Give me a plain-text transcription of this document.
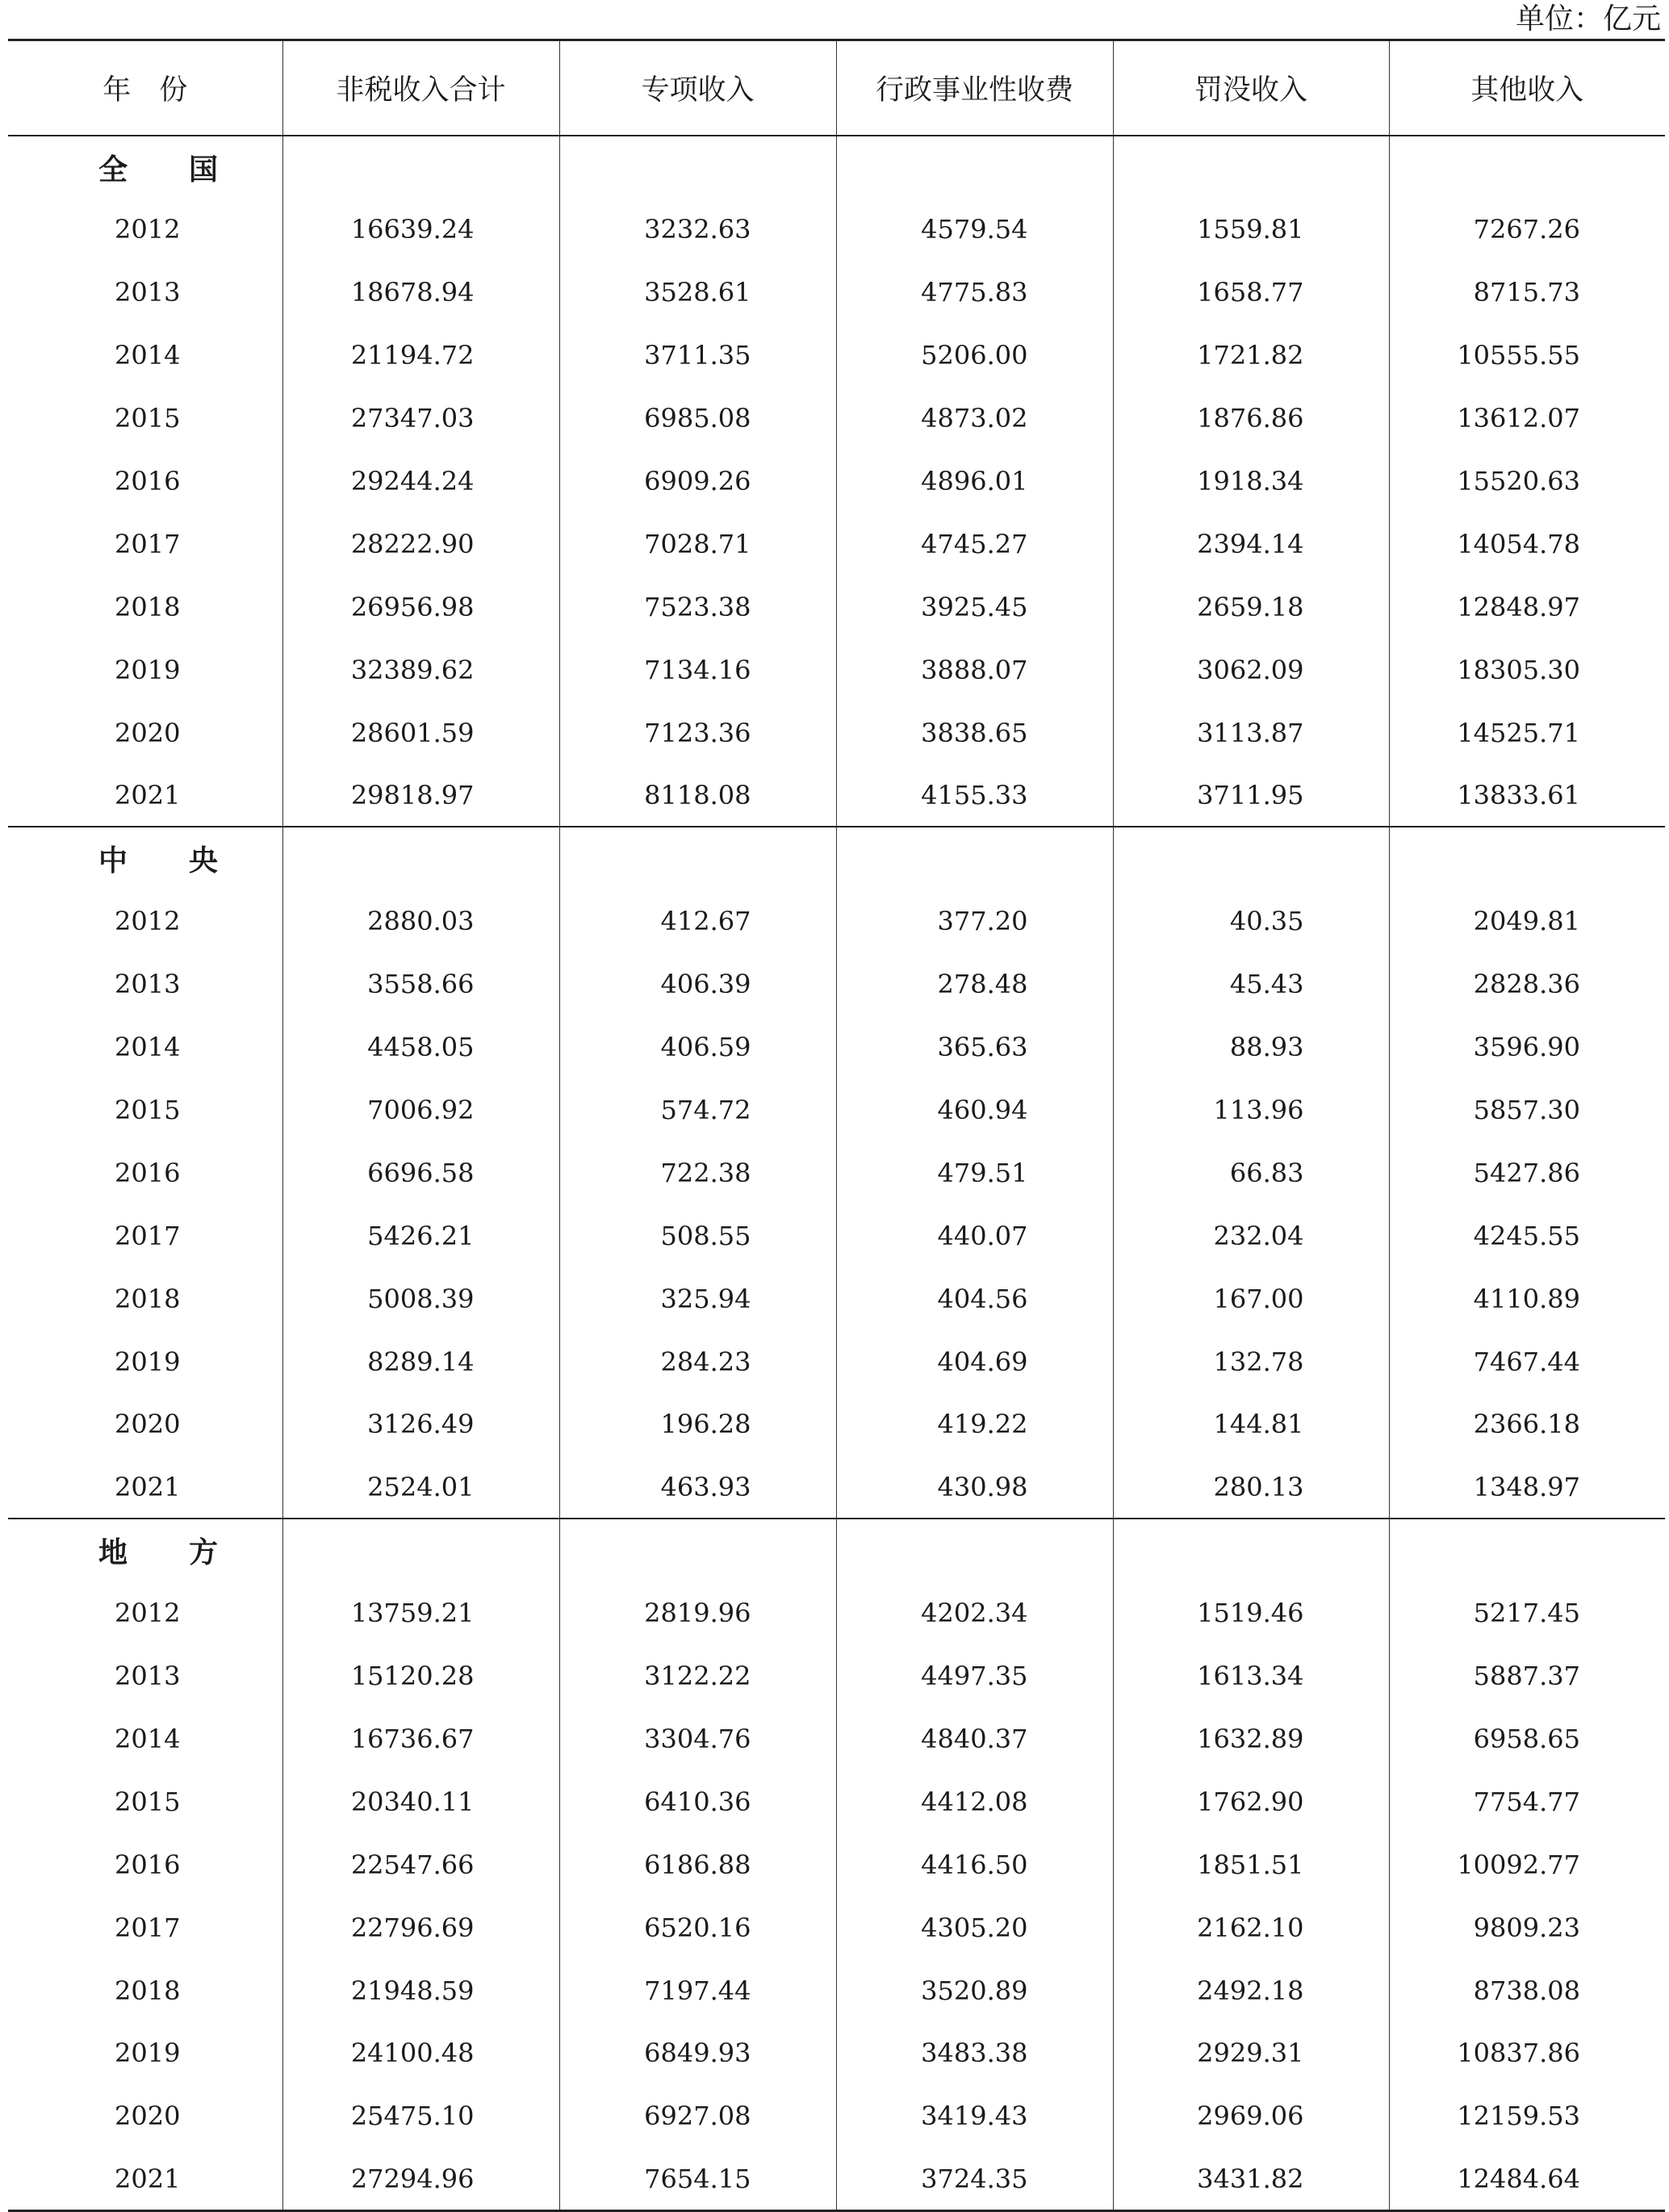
单位：亿元
年　份	非税收入合计	专项收入	行政事业性收费	罚没收入	其他收入
全　国					
2012	16639.24	3232.63	4579.54	1559.81	7267.26
2013	18678.94	3528.61	4775.83	1658.77	8715.73
2014	21194.72	3711.35	5206.00	1721.82	10555.55
2015	27347.03	6985.08	4873.02	1876.86	13612.07
2016	29244.24	6909.26	4896.01	1918.34	15520.63
2017	28222.90	7028.71	4745.27	2394.14	14054.78
2018	26956.98	7523.38	3925.45	2659.18	12848.97
2019	32389.62	7134.16	3888.07	3062.09	18305.30
2020	28601.59	7123.36	3838.65	3113.87	14525.71
2021	29818.97	8118.08	4155.33	3711.95	13833.61
中　央					
2012	2880.03	412.67	377.20	40.35	2049.81
2013	3558.66	406.39	278.48	45.43	2828.36
2014	4458.05	406.59	365.63	88.93	3596.90
2015	7006.92	574.72	460.94	113.96	5857.30
2016	6696.58	722.38	479.51	66.83	5427.86
2017	5426.21	508.55	440.07	232.04	4245.55
2018	5008.39	325.94	404.56	167.00	4110.89
2019	8289.14	284.23	404.69	132.78	7467.44
2020	3126.49	196.28	419.22	144.81	2366.18
2021	2524.01	463.93	430.98	280.13	1348.97
地　方					
2012	13759.21	2819.96	4202.34	1519.46	5217.45
2013	15120.28	3122.22	4497.35	1613.34	5887.37
2014	16736.67	3304.76	4840.37	1632.89	6958.65
2015	20340.11	6410.36	4412.08	1762.90	7754.77
2016	22547.66	6186.88	4416.50	1851.51	10092.77
2017	22796.69	6520.16	4305.20	2162.10	9809.23
2018	21948.59	7197.44	3520.89	2492.18	8738.08
2019	24100.48	6849.93	3483.38	2929.31	10837.86
2020	25475.10	6927.08	3419.43	2969.06	12159.53
2021	27294.96	7654.15	3724.35	3431.82	12484.64
